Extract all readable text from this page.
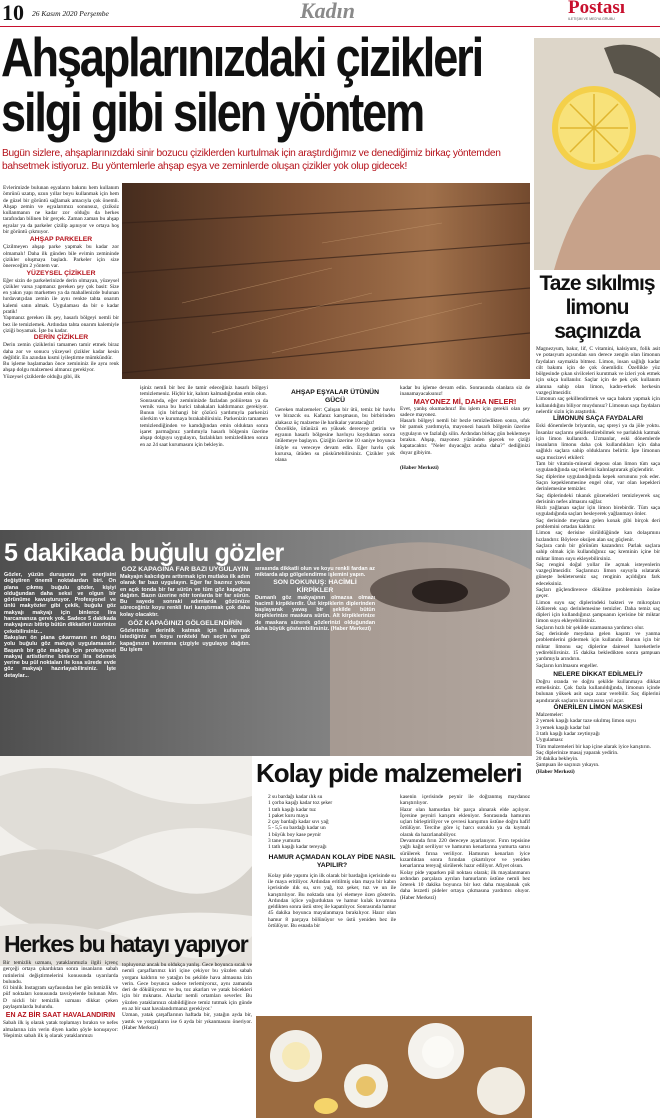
10 26 Kasım 2020 Perşembe	Kadın	Postası
İLETİŞİM VE MEDYA GRUBU
Ahşaplarınızdaki çizikleri
silgi gibi silen yöntem
Bugün sizlere, ahşaplarınızdaki sinir bozucu çiziklerden kurtulmak için araştırdığımız ve denediğimiz birkaç yöntemden bahsetmek istiyoruz. Bu yöntemlerle ahşap eşya ve zeminlerde oluşan çizikler yok olup gidecek!
Evlerimizde bulunan eşyaların bakımı hem kullanım ömrünü uzatıp, uzun yıllar boyu kullanmak için hem de güzel bir görüntü sağlamak amacıyla çok önemli. Ahşap zemin ve eşyalarımızı sonunsuz, çiziksiz kullanmanın ne kadar zor olduğu da herkes tarafından bilinen bir gerçek. Zaman zaman bu ahşap eşyalar ya da parkeler çizilip aşınıyor ve ortaya hoş bir görüntü çıkmıyor.
AHŞAP PARKELER
Çizilmeyen ahşap parke yapmak bu kadar zor olmamalı! Daha ilk günden bile evimin zemininde çizikler oluşmaya başladı. Parkeler için size önereceğim 2 yöntem var.
YÜZEYSEL ÇİZİKLER
Eğer sizin de parkelerinizde derin olmayan, yüzeysel çizikler varsa yapmanız gereken şey çok basit: Size en yakın yapı marketten ya da mahallenizde bulunan hırdavatçıdan zemin ile aynı renkte tahta onarım kalemi satın almak. Uygulaması da bir o kadar pratik!
Yapmanız gereken ilk şey, hasarlı bölgeyi nemli bir bez ile temizlemek. Ardından tahta onarım kalemiyle çiziği boyamak. İşte bu kadar.
DERİN ÇİZİKLER
Derin zemin çiziklerini tamamen tamir etmek biraz daha zor ve sonucu yüzeysel çizikler kadar kesin değildir. En azından kısmi iyileştirme mümkündür.
Bu işleme başlamadan önce zemininiz ile aynı renk ahşap dolgu malzemesi almanız gerekiyor.
Yüzeysel çiziklerde olduğu gibi, ilk
işiniz nemli bir bez ile tamir edeceğiniz hasarlı bölgeyi temizlemeniz. Hiçbir kir, kalıntı kalmadığından emin olun.
Sonrasında, eğer zemininizde fazladan poliüretan ya da vernik varsa bu hurici tabakaları kaldırmanız gerekiyor. Bunun için birhangi bir çözücü yardımıyla parkenizi silerkim ve kurumaya bırakabilirsiniz. Parkenizin tamamen temizlendiğinden ve kamdığından emin olduktan sonra işaret parmağınız yardımıyla hasarlı bölgenin üzerine ahşap dolguyu uygulayın, fazlalıkları temizledikten sonra en az 24 saat kurumasını için bekleyin.
AHŞAP EŞYALAR ÜTÜNÜN GÜCÜ
Gereken malzemeler: Çalışan bir ütü, temiz bir havlu ve birazcık su. Kafanız karışmasın, bu birbirinden alakasız üç malzeme ile harikalar yaratacağız!
Öncelikle, ütünüzü en yüksek dereceye getirin ve eşyanın hasarlı bölgesine havluyu koyduktan sonra ütülemeye başlayın. Çiziğin üzerine 10 saniye boyunca ütüyle su vereceye devam edin. Eğer havlu çok kurursa, ütüden su püskürtebilirsiniz. Çizikler yok olana
kadar bu işleme devam edin. Sonrasında olanlara siz de inanamayacaksınız!
MAYONEZ Mİ, DAHA NELER!
Evet, yanlış okumadınız! Bu işlem için gerekli olan şey sadece mayonez.
Hasarlı bölgeyi nemli bir bezle temizledikten sonra, ufak bir pamuk yardımıyla, mayonezi hasarlı bölgenin üzerine uygulayın ve fazlalığı silin. Ardından birkaç gün beklemeye bırakın. Ahşap, mayonez yüzünden şişecek ve çiziği kapatacaktır. "Neler duyacağız acaba daha?" dediğinizi duyar gibiyim.
(Haber Merkezi)
5 dakikada buğulu gözler
Gözler, yüzün duruşunu ve enerjisini değiştiren önemli noktalardan biri. On plana çıkmış buğulu gözler, kişiyi olduğundan daha seksi ve olgun bir görünüme kavuşturuyor. Profesyonel ve ünlü makyözler gibi çekik, buğulu göz makyajı makyajı için binlerce lira harcamanıza gerek yok. Sadece 5 dakikada makyajınızı bitirip bütün dikkatleri üzerinize çekebilirsiniz...
Bakışları ön plana çıkarmanın en doğru yolu buğulu göz makyajı uygulamasıdır. Başarılı bir göz makyajı için profesyonel makyaj artistlerine binlerce lira ödemek yerine bu pül noktaları ile kısa sürede evde göz makyajı hazırlayabilirsiniz. İşte detaylar...
GÖZ KAPAĞINA FAR BAZI UYGULAYIN
Makyajın kalıcılığını arttırmak için mutlaka ilk adım olarak far bazı uygulayın. Eğer far bazınız yoksa en açık tonda bir far sürün ve tüm göz kapağına dağıtın. Bazın üzerine nötr tonlarda bir far sürün. Bu sayede sonraki adımlarda gözünüze süreceğiniz koyu renkli fari karıştırmak çok daha kolay olacaktır.
GÖZ KAPAĞINIZI GÖLGELENDİRİN
Gözlerinize derinlik katmak için kullanmak istediğiniz en koyu renkteki farı seçin ve göz kapağınızın kıvrımına çizgiyle uygulayıp dağıtın. Bu işlem
sırasında dikkatli olun ve koyu renkli fardan az miktarda alıp gölgelendirme işlemini yapın.
SON DOKUNUŞ: HACİMLİ KİRPİKLER
Dumanlı göz makyajının olmazsa olmazı hacimli kirpiklerdir. Üst kirpiklerin diplerinden başlayarak yavaş bir şekilde bütün kirpiklerinize maskara sürün. Alt kirpiklerinize de maskara sürerek gözlerinizi olduğundan daha büyük gösterebilirsiniz. (Haber Merkezi)
Taze sıkılmış
limonu
saçınızda
Magnezyum, bakır, lif, C vitamini, kalsiyum, folik asit ve potasyum açısından son derece zengin olan limonun faydaları saymakla bitmez. Limon, insan sağlığı kadar cilt bakımı için de çok önemlidir. Özellikle yüz bölgesinde çıkan sivilceleri kurutmak ve izleri yok etmek için sıkça kullanılır. Saçlar için de pek çok kullanım alanına sahip olan limon, kadın-erkek herkesin vazgeçilmezidir.
Limonun saç şekillendirmek ve saça bakım yapmak için kullanıldığını biliyor muydunuz? Limonun saça faydaları nelerdir sizin için araştırdık.
LİMONUN SAÇA FAYDALARI
Eski dönemlerde briyantin, saç spreyi ya da jöle yoktu. İnsanlar saçlarını şekillendirebilmek ve parlaklık katmak için limon kullanırdı. Uzmanlar, eski dönemlerde insanların limonu daha çok kullandıkları için daha sağlıklı saçlara sahip olduklarını belirtir. İşte limonun saça mucizevi etkileri:
Tam bir vitamin-mineral deposu olan limon tüm saça uygulandığında saç tellerini kalınlaştırarak güçlendirir.
Saç diplerine uygulandığında kepek sorununu yok eder. Saçın kepeklenmesine engel olur, var olan kepekleri derinlemesine temizler.
Saç diplerindeki tıkanık gözenekleri temizleyerek saç derisinin nefes almasını sağlar.
Hızlı yağlanan saçlar için limon birebirdir. Tüm saça uyguladığında saçları besleyerek yağlanmayı önler.
Saç derisinde meydana gelen konak gibi birçok deri problemini ortadan kaldırır.
Limon saç derisine sürüldüğünde kan dolaşımını hızlandırır. Böylece oksijen alan saç güçlenir.
Saçlara canlı bir görünüm kazandırır. Parlak saçlara sahip olmak için kullandığınız saç kreminin içine bir miktar limon suyu ekleyebilirsiniz.
Saç rengini doğal yollar ile açmak isteyenlerin vazgeçilmezidir. Saçlarınızı limon suyuyla ıslatarak güneşte bekleterseniz saç renginin açıldığını fark edeceksiniz.
Saçları güçlendirerece dökülme probleminin önüne geçer.
Limon suyu saç diplerindeki bakteri ve mikropları öldürerek saçı derinlemesine temizler. Daha temiz saç dipleri için kullandığınız şampuanın içerisine bir miktar limon suyu ekleyebilirsiniz.
Saçların hızlı bir şekilde uzamasına yardımcı olur.
Saç derisinde meydana gelen kaşıntı ve yanma problemlerini gidermek için kullanılır. Bunun için bir miktar limonu saç diplerine dairesel hareketlerle yedirebilirsiniz. 15 dakika bekledikten sonra şampuan yardımıyla arındırın.
Saçların kırılmasını engeller.
NELERE DİKKAT EDİLMELİ?
Doğru oranda ve doğru şekilde kullanmaya dikkat etmelisiniz. Çok fazla kullanıldığında, limonun içinde bulunan yüksek asit saça zarar verebilir. Saç diplerini aşındırarak saçların kurumasına yol açar.
ÖNERİLEN LİMON MASKESİ
Malzemeler:
2 yemek kaşığı kadar taze sıkılmış limon suyu
3 yemek kaşığı kadar bal
3 tatlı kaşığı kadar zeytinyağı
Uygulaması:
Tüm malzemeleri bir kap içine alarak iyice karıştırın.
Saç diplerinize masaj yaparak yedirin.
20 dakika bekleyin.
Şampuan ile saçınızı yıkayın.
(Haber Merkezi)
Herkes bu hatayı yapıyor
Bir temizlik uzmanı, yataklarımızla ilgili içrenç gerçeği ortaya çıkardıktan sonra insanların sabah rutinlerini değiştirmelerini konusunda uyarılarda bulundu.
61 binlik Instagram sayfasından her gün temizlik ve püf noktaları konusunda tavsiyelerde bulunan Mrs. D nickli bir temizlik uzmanı dikkat çeken paylaşımlarda bulundu.
EN AZ BİR SAAT HAVALANDIRIN
Sabah ilk iş olarak yatak toplamayı bırakın ve nefes almalarına izin verin diyen kadın şöyle konuşuyor: 'Hepimiz sabah ilk iş olarak yataklarımızı
topluyoruz ancak bu oldukça yanlış. Gece boyunca sıcak ve nemli çarşaflarımız kiri içine çekiyor bu yüzden sabah yorganı kaldırın ve yatağın bu şekilde hava almasına izin verin. Gece boyunca sadece terlemiyoruz, aynı zamanda deri de dökülüyoruz ve bu, toz akarları ve yatak böcekleri için bir mıknatıs. Akarlar nemli ortamları severler. Bu yüzden yataklarınızı olabildiğince temiz tutmak için günde en az bir saat havalandırmanız gerekiyor.'
Uzman, yatak çarşaflarının haftada bir, yatağın ayda bir, yastık ve yorganların ise 6 ayda bir yıkanmasını öneriyor. (Haber Merkezi)
Kolay pide malzemeleri
2 su bardağı kadar ılık su
1 çorba kaşığı kadar toz şeker
1 tatlı kaşığı kadar tuz
1 paket kuru maya
2 çay bardağı kadar sıvı yağ
5 - 5,5 su bardağı kadar un
1 büyük boy kase peynir
3 tane yumurta
1 tatlı kaşığı kadar tereyağı
HAMUR AÇMADAN KOLAY PİDE NASIL YAPILIR?
Kolay pide yapımı için ilk olarak bir bardağın içerisinde su ile maya eritiliyor. Ardından eritilmiş olan maya bir kabın içerisinde ılık su, sıvı yağ, toz şeker, tuz ve un ile karıştırılıyor. Bu noktada unu iyi elemeye özen gösterin. Ardından içlice yoğurduktan ve hamur kulak kıvamına geldikten sonra üstü streç ile kapatılıyor. Sonrasında hamur 45 dakika boyunca mayalanmaya bırakılıyor. Hazır olan hamur 8 parçaya bölünüyor ve üstü yeniden bez ile örtülüyor. Bu esnada bir
kasenin içerisinde peynir ile doğranmış maydanoz karıştırılıyor.
Hazır olan hamurdan bir parça alınarak elde açılıyor. İçersine peyniri karışım ekleniyor. Sonrasında hamurun uçları birleştiriliyor ve çevresi karışımın üstüne doğru hafif örtülüyor. Tercihe göre iç harcı sucuklu ya da kıymalı olarak da hazırlanabiliyor.
Devamında fırın 220 dereceye ayarlanıyor. Fırın tepsisine yağlı kağıt seriliyor ve hamurun kenarlarına yumurta sarısı sürülerek fırına veriliyor. Hamurun kenarları iyice kızardıktan sonra fırından çıkartılıyor ve yeniden kenarlarına tereyağ sürülerek hazır ediliyor. Afiyet olsun.
Kolay pide yaparken pül noktası olarak; ilk mayalanmanın ardından parçalara ayrılan hamurların üstüne nemli bez örterek 10 dakika boyunca bir kez daha mayalanak çok daha lezzetli pideler ortaya çıkmasına yardımcı oluyor. (Haber Merkezi)
